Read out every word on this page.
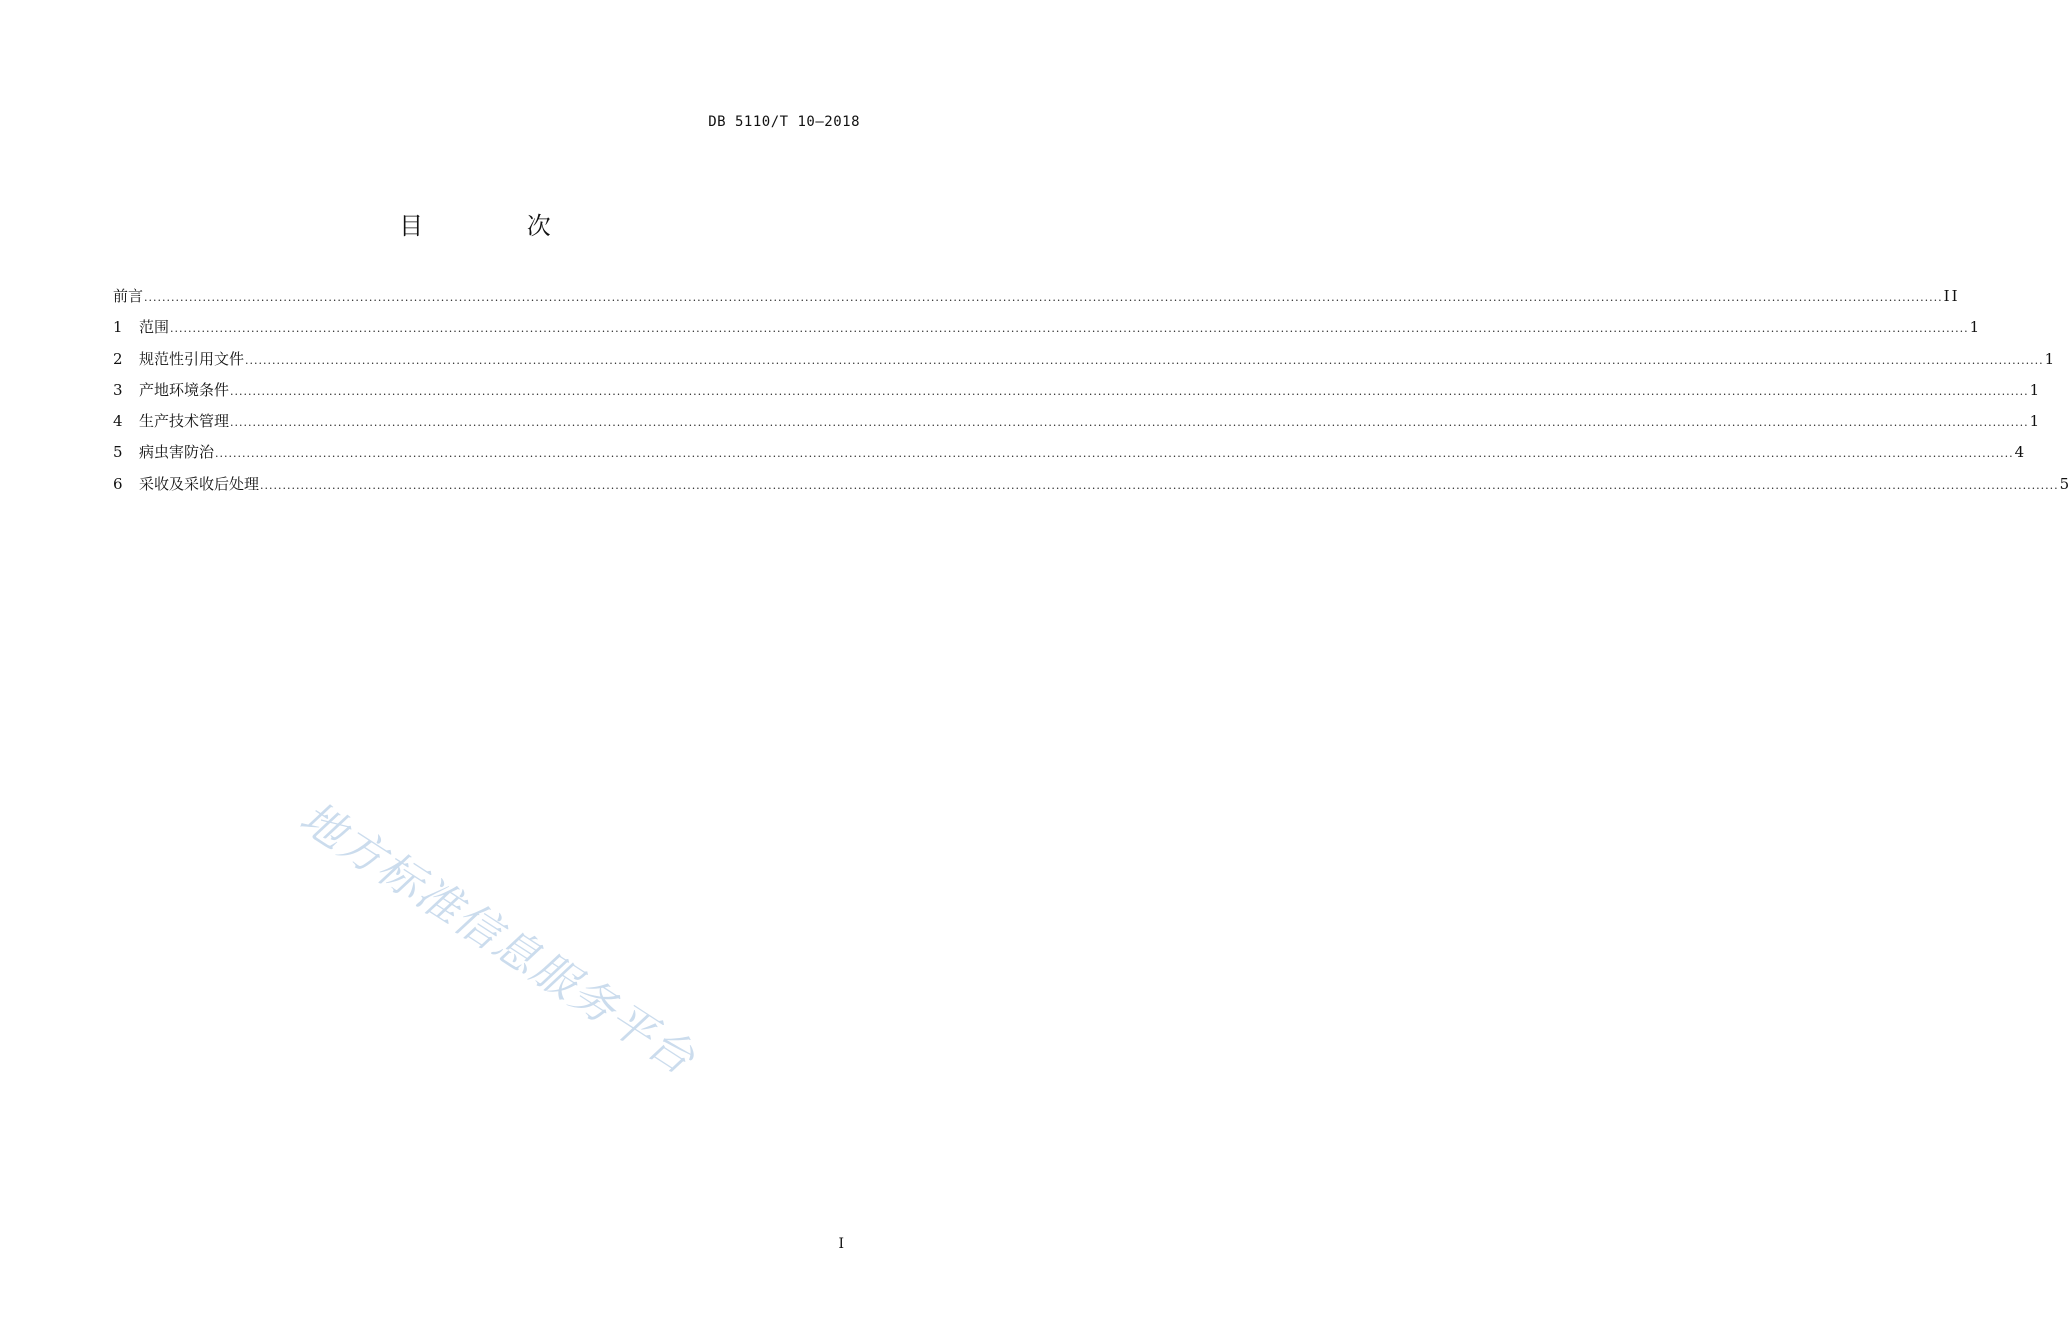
DB 5110/T 10—2018
目 次
前言 ................................................................................................................................................................................................................................................................................................................................................................................................................ II
1	范围 ................................................................................................................................................................................................................................................................................................................................................................................................................ 1
2	规范性引用文件 ................................................................................................................................................................................................................................................................................................................................................................................................................ 1
3	产地环境条件 ................................................................................................................................................................................................................................................................................................................................................................................................................ 1
4	生产技术管理 ................................................................................................................................................................................................................................................................................................................................................................................................................ 1
5	病虫害防治 ................................................................................................................................................................................................................................................................................................................................................................................................................ 4
6	采收及采收后处理 ................................................................................................................................................................................................................................................................................................................................................................................................................ 5
地方标准信息服务平台
I
